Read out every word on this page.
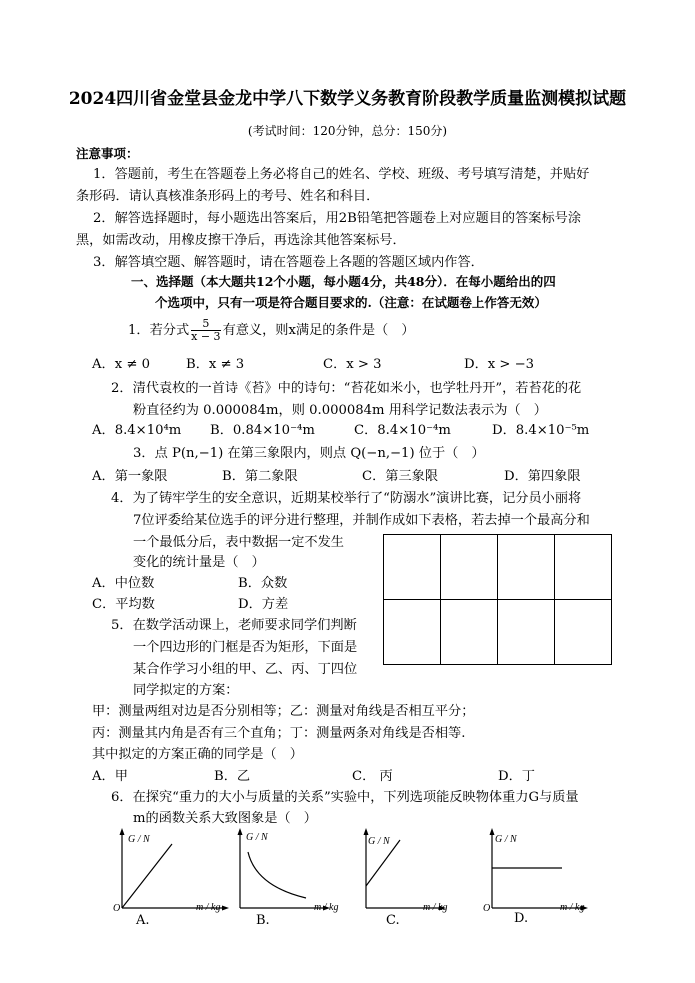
2024四川省金堂县金龙中学八下数学义务教育阶段教学质量监测模拟试题
(考试时间：120分钟，总分：150分)
注意事项：
1．答题前，考生在答题卷上务必将自己的姓名、学校、班级、考号填写清楚，并贴好
条形码．请认真核准条形码上的考号、姓名和科目．
2．解答选择题时，每小题选出答案后，用2B铅笔把答题卷上对应题目的答案标号涂
黑，如需改动，用橡皮擦干净后，再选涂其他答案标号．
3．解答填空题、解答题时，请在答题卷上各题的答题区域内作答．
一、选择题（本大题共12个小题，每小题4分，共48分）．在每小题给出的四
个选项中，只有一项是符合题目要求的.（注意：在试题卷上作答无效）
1．若分式 $\frac{5}{x - 3}$ 有意义，则x满足的条件是（　）
A．x ≠ 0	B．x ≠ 3	C．x > 3	D．x > −3
2．清代袁枚的一首诗《苔》中的诗句：“苔花如米小，也学牡丹开”，若苔花的花
粉直径约为 0.000084m，则 0.000084m 用科学记数法表示为（　）
A．8.4×10⁴m B．0.84×10⁻⁴m	C．8.4×10⁻⁴m	D．8.4×10⁻⁵m
3．点 P(n,−1) 在第三象限内，则点 Q(−n,−1) 位于（　）
A．第一象限	B．第二象限	C．第三象限	D．第四象限
4．为了铸牢学生的安全意识，近期某校举行了“防溺水”演讲比赛，记分员小丽将
7位评委给某位选手的评分进行整理，并制作成如下表格，若去掉一个最高分和
一个最低分后，表中数据一定不发生
变化的统计量是（　）
A．中位数	B．众数
C．平均数	D．方差

5．在数学活动课上，老师要求同学们判断
一个四边形的门框是否为矩形，下面是
某合作学习小组的甲、乙、丙、丁四位
同学拟定的方案：
甲：测量两组对边是否分别相等；乙：测量对角线是否相互平分；
丙：测量其内角是否有三个直角；丁：测量两条对角线是否相等.
其中拟定的方案正确的同学是（　）
A．甲	B．乙	C． 丙	D．丁
6．在探究“重力的大小与质量的关系”实验中，下列选项能反映物体重力G与质量
m的函数关系大致图象是（　）
G / N
O	m / kg
A.
G / N
m / kg
B.
G / N
m / kg
C.
G / N
O	m / kg
D.
